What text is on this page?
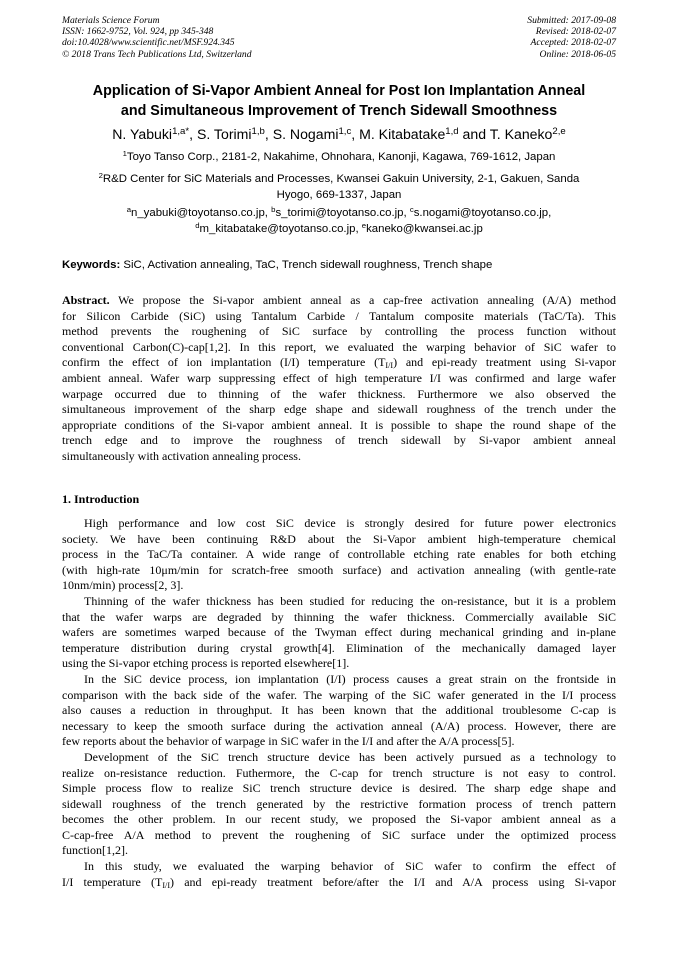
Materials Science Forum
ISSN: 1662-9752, Vol. 924, pp 345-348
doi:10.4028/www.scientific.net/MSF.924.345
© 2018 Trans Tech Publications Ltd, Switzerland
Submitted: 2017-09-08
Revised: 2018-02-07
Accepted: 2018-02-07
Online: 2018-06-05
Application of Si-Vapor Ambient Anneal for Post Ion Implantation Anneal
and Simultaneous Improvement of Trench Sidewall Smoothness
N. Yabuki$^{1,a*}$, S. Torimi$^{1,b}$, S. Nogami$^{1,c}$, M. Kitabatake$^{1,d}$ and T. Kaneko$^{2,e}$
$^1$Toyo Tanso Corp., 2181-2, Nakahime, Ohnohara, Kanonji, Kagawa, 769-1612, Japan
$^2$R&D Center for SiC Materials and Processes, Kwansei Gakuin University, 2-1, Gakuen, Sanda
Hyogo, 669-1337, Japan
$^a$n_yabuki@toyotanso.co.jp, $^b$s_torimi@toyotanso.co.jp, $^c$s.nogami@toyotanso.co.jp,
$^d$m_kitabatake@toyotanso.co.jp, $^e$kaneko@kwansei.ac.jp
Keywords: SiC, Activation annealing, TaC, Trench sidewall roughness, Trench shape
Abstract. We propose the Si-vapor ambient anneal as a cap-free activation annealing (A/A) method
for Silicon Carbide (SiC) using Tantalum Carbide / Tantalum composite materials (TaC/Ta). This
method prevents the roughening of SiC surface by controlling the process function without
conventional Carbon(C)-cap[1,2]. In this report, we evaluated the warping behavior of SiC wafer to
confirm the effect of ion implantation (I/I) temperature $(T_{I/I})$ and epi-ready treatment using Si-vapor
ambient anneal. Wafer warp suppressing effect of high temperature I/I was confirmed and large wafer
warpage occurred due to thinning of the wafer thickness. Furthermore we also observed the
simultaneous improvement of the sharp edge shape and sidewall roughness of the trench under the
appropriate conditions of the Si-vapor ambient anneal. It is possible to shape the round shape of the
trench edge and to improve the roughness of trench sidewall by Si-vapor ambient anneal
simultaneously with activation annealing process.
1. Introduction
High performance and low cost SiC device is strongly desired for future power electronics
society. We have been continuing R&D about the Si-Vapor ambient high-temperature chemical
process in the TaC/Ta container. A wide range of controllable etching rate enables for both etching
(with high-rate 10μm/min for scratch-free smooth surface) and activation annealing (with gentle-rate
10nm/min) process[2, 3].
Thinning of the wafer thickness has been studied for reducing the on-resistance, but it is a problem
that the wafer warps are degraded by thinning the wafer thickness. Commercially available SiC
wafers are sometimes warped because of the Twyman effect during mechanical grinding and in-plane
temperature distribution during crystal growth[4]. Elimination of the mechanically damaged layer
using the Si-vapor etching process is reported elsewhere[1].
In the SiC device process, ion implantation (I/I) process causes a great strain on the frontside in
comparison with the back side of the wafer. The warping of the SiC wafer generated in the I/I process
also causes a reduction in throughput. It has been known that the additional troublesome C-cap is
necessary to keep the smooth surface during the activation anneal (A/A) process. However, there are
few reports about the behavior of warpage in SiC wafer in the I/I and after the A/A process[5].
Development of the SiC trench structure device has been actively pursued as a technology to
realize on-resistance reduction. Futhermore, the C-cap for trench structure is not easy to control.
Simple process flow to realize SiC trench structure device is desired. The sharp edge shape and
sidewall roughness of the trench generated by the restrictive formation process of trench pattern
becomes the other problem. In our recent study, we proposed the Si-vapor ambient anneal as a
C-cap-free A/A method to prevent the roughening of SiC surface under the optimized process
function[1,2].
In this study, we evaluated the warping behavior of SiC wafer to confirm the effect of
I/I temperature $(T_{I/I})$ and epi-ready treatment before/after the I/I and A/A process using Si-vapor
